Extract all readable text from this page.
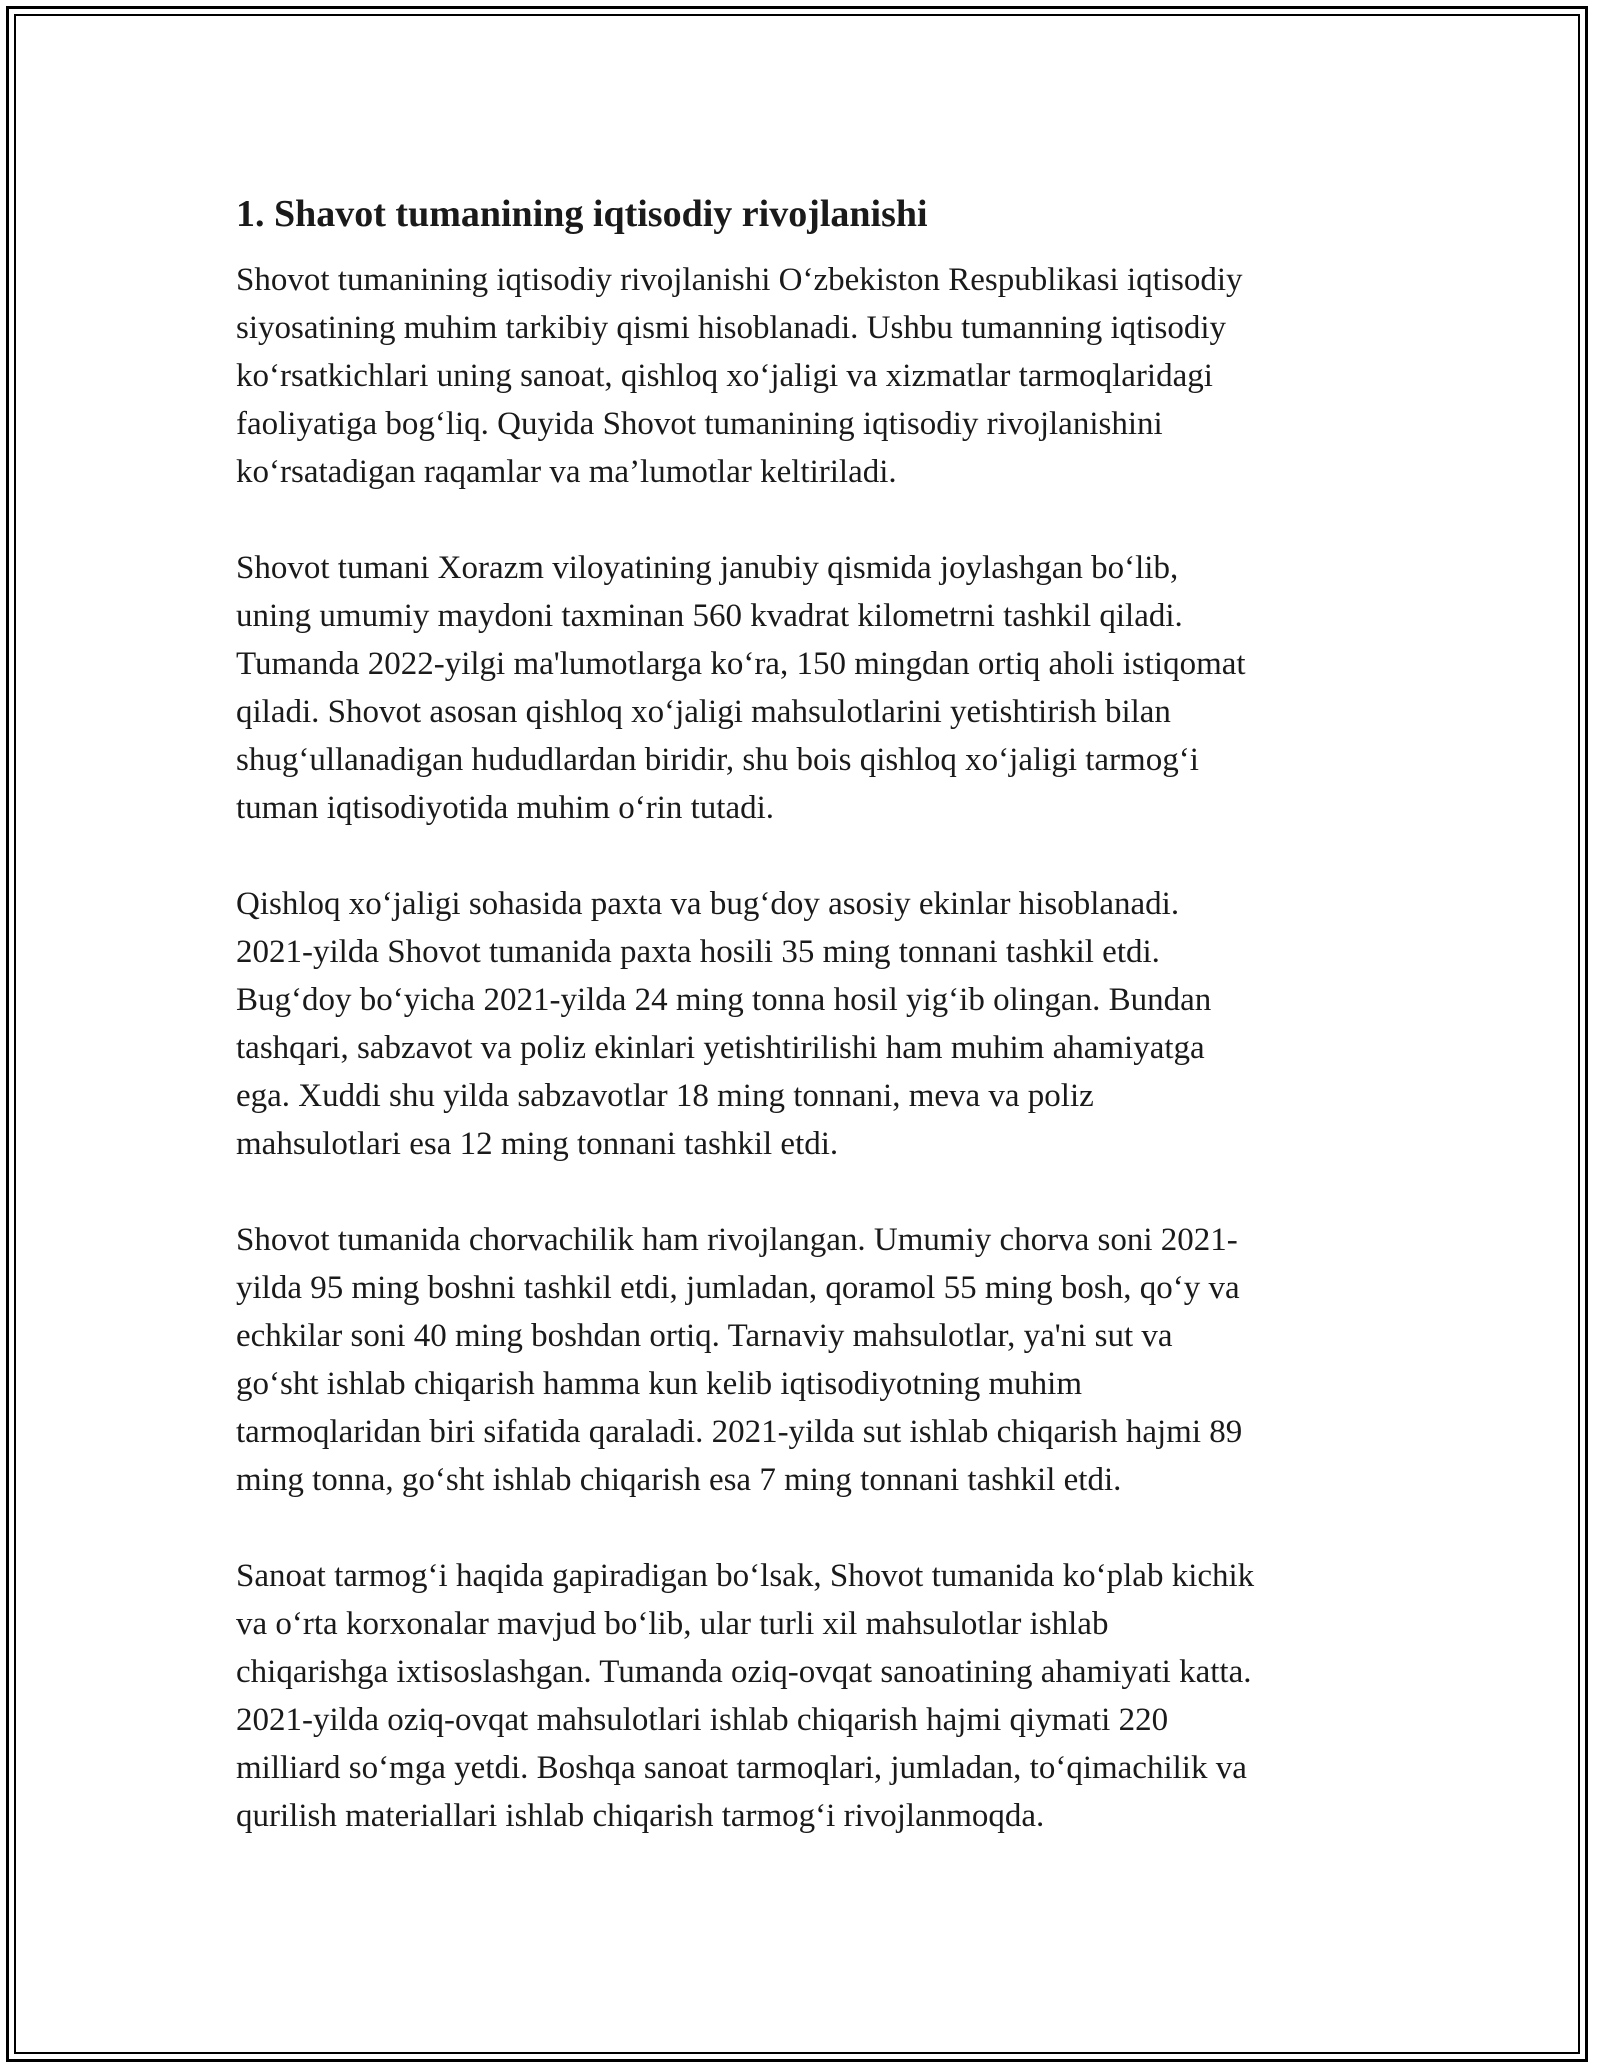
1. Shavot tumanining iqtisodiy rivojlanishi

Shovot tumanining iqtisodiy rivojlanishi O‘zbekiston Respublikasi iqtisodiy
siyosatining muhim tarkibiy qismi hisoblanadi. Ushbu tumanning iqtisodiy
ko‘rsatkichlari uning sanoat, qishloq xo‘jaligi va xizmatlar tarmoqlaridagi
faoliyatiga bog‘liq. Quyida Shovot tumanining iqtisodiy rivojlanishini
ko‘rsatadigan raqamlar va ma’lumotlar keltiriladi.

Shovot tumani Xorazm viloyatining janubiy qismida joylashgan bo‘lib,
uning umumiy maydoni taxminan 560 kvadrat kilometrni tashkil qiladi.
Tumanda 2022-yilgi ma'lumotlarga ko‘ra, 150 mingdan ortiq aholi istiqomat
qiladi. Shovot asosan qishloq xo‘jaligi mahsulotlarini yetishtirish bilan
shug‘ullanadigan hududlardan biridir, shu bois qishloq xo‘jaligi tarmog‘i
tuman iqtisodiyotida muhim o‘rin tutadi.

Qishloq xo‘jaligi sohasida paxta va bug‘doy asosiy ekinlar hisoblanadi.
2021-yilda Shovot tumanida paxta hosili 35 ming tonnani tashkil etdi.
Bug‘doy bo‘yicha 2021-yilda 24 ming tonna hosil yig‘ib olingan. Bundan
tashqari, sabzavot va poliz ekinlari yetishtirilishi ham muhim ahamiyatga
ega. Xuddi shu yilda sabzavotlar 18 ming tonnani, meva va poliz
mahsulotlari esa 12 ming tonnani tashkil etdi.

Shovot tumanida chorvachilik ham rivojlangan. Umumiy chorva soni 2021-
yilda 95 ming boshni tashkil etdi, jumladan, qoramol 55 ming bosh, qo‘y va
echkilar soni 40 ming boshdan ortiq. Tarnaviy mahsulotlar, ya'ni sut va
go‘sht ishlab chiqarish hamma kun kelib iqtisodiyotning muhim
tarmoqlaridan biri sifatida qaraladi. 2021-yilda sut ishlab chiqarish hajmi 89
ming tonna, go‘sht ishlab chiqarish esa 7 ming tonnani tashkil etdi.

Sanoat tarmog‘i haqida gapiradigan bo‘lsak, Shovot tumanida ko‘plab kichik
va o‘rta korxonalar mavjud bo‘lib, ular turli xil mahsulotlar ishlab
chiqarishga ixtisoslashgan. Tumanda oziq-ovqat sanoatining ahamiyati katta.
2021-yilda oziq-ovqat mahsulotlari ishlab chiqarish hajmi qiymati 220
milliard so‘mga yetdi. Boshqa sanoat tarmoqlari, jumladan, to‘qimachilik va
qurilish materiallari ishlab chiqarish tarmog‘i rivojlanmoqda.
